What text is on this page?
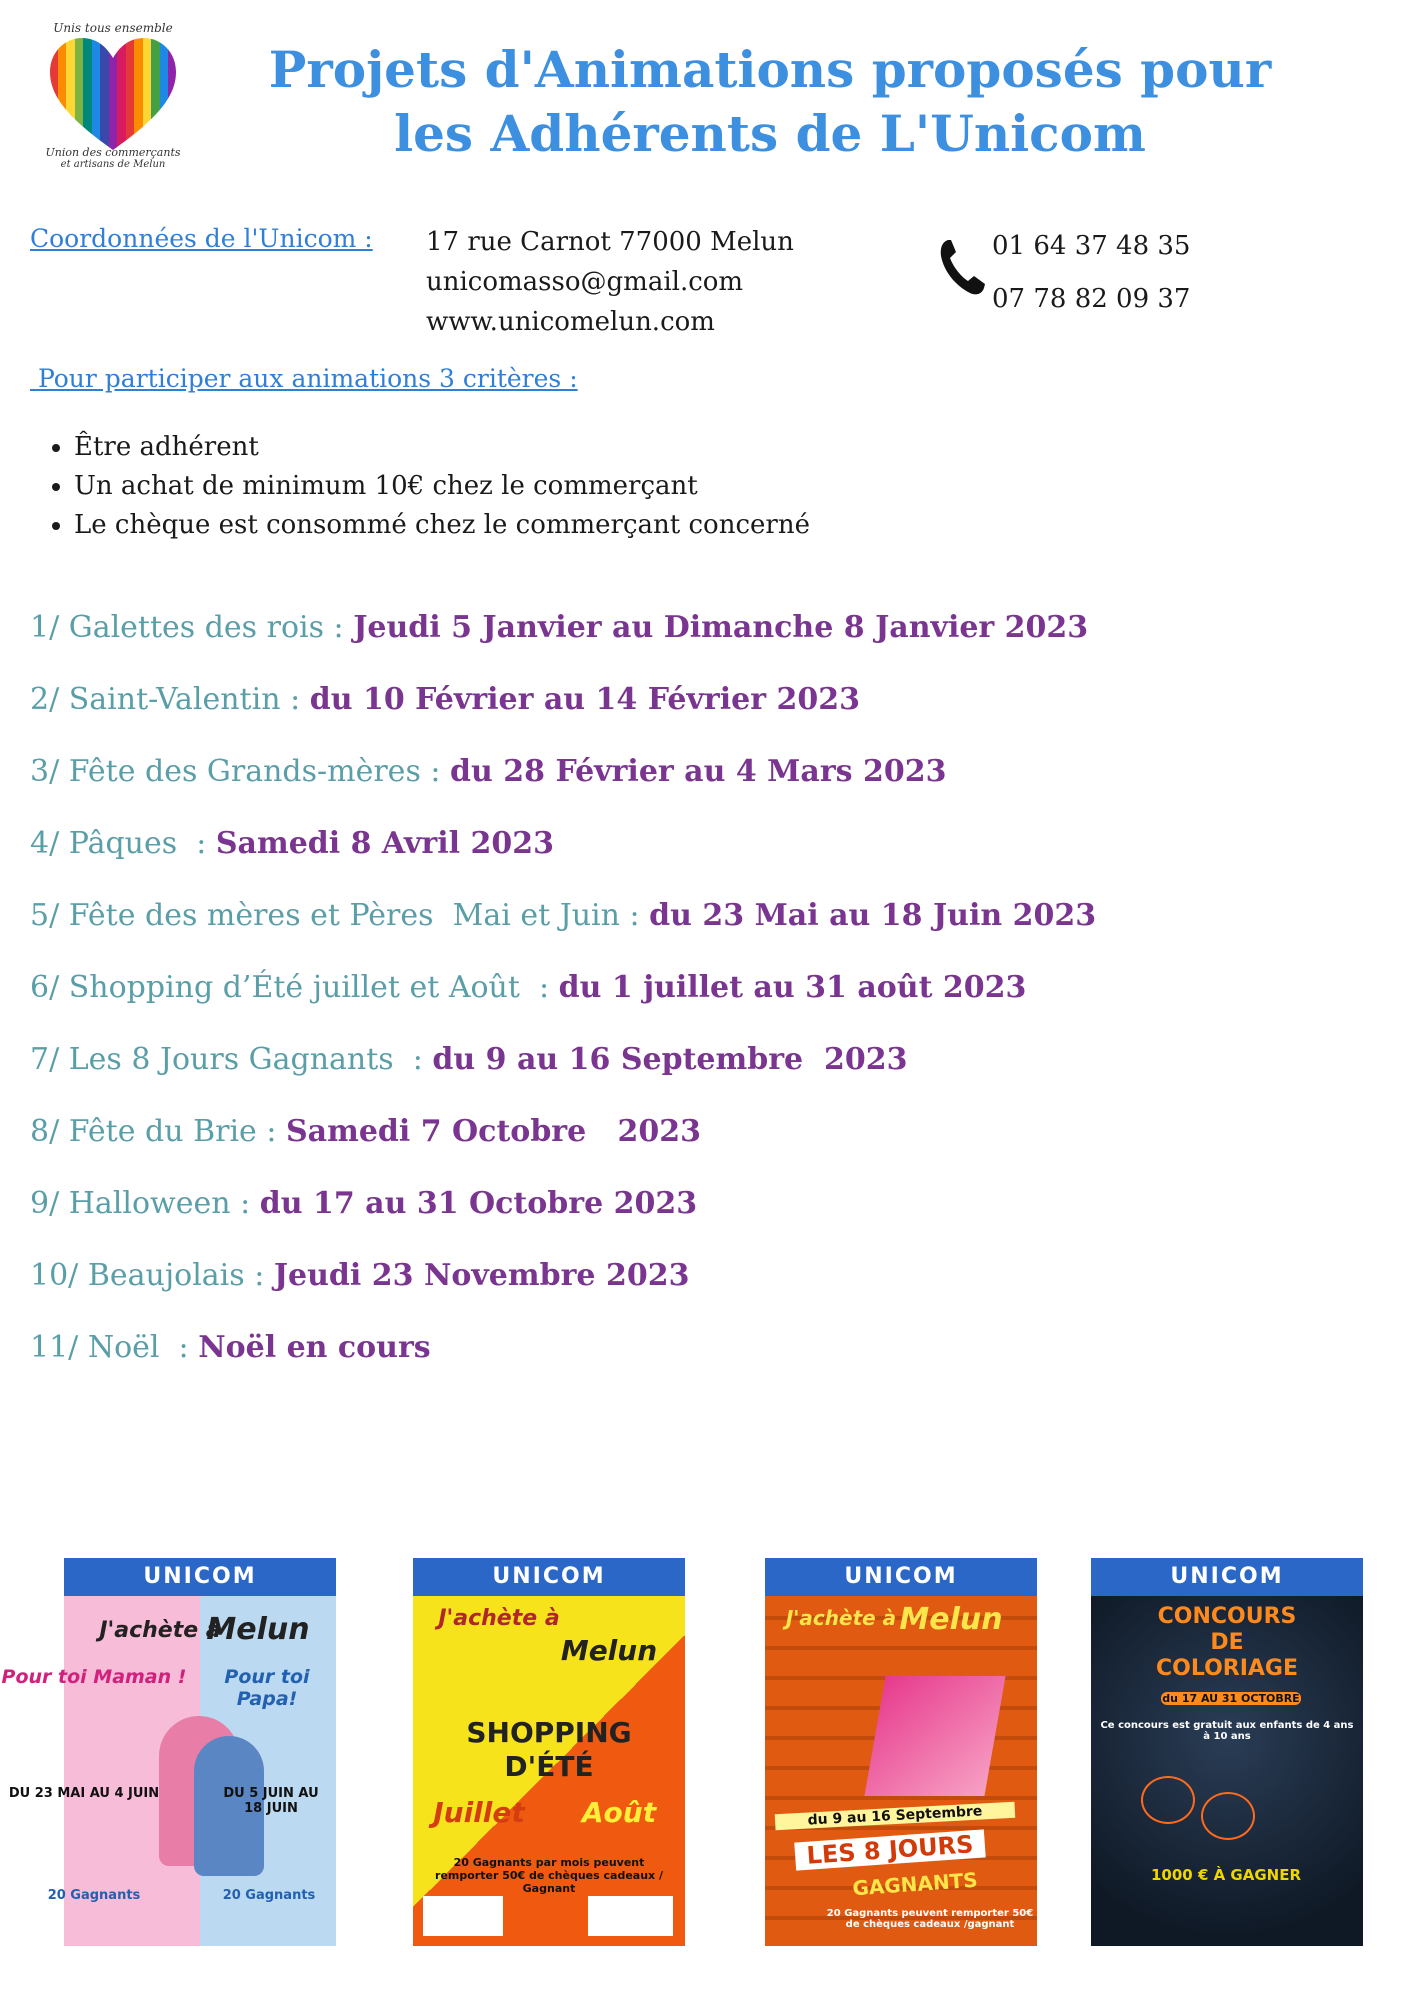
Unis tous ensemble
Union des commerçants
et artisans de Melun
Projets d'Animations proposés pour
les Adhérents de L'Unicom
Coordonnées de l'Unicom : 17 rue Carnot 77000 Melun
unicomasso@gmail.com
www.unicomelun.com
01 64 37 48 35
07 78 82 09 37
Pour participer aux animations 3 critères :
• Être adhérent
• Un achat de minimum 10€ chez le commerçant
• Le chèque est consommé chez le commerçant concerné
1/ Galettes des rois : Jeudi 5 Janvier au Dimanche 8 Janvier 2023
2/ Saint-Valentin : du 10 Février au 14 Février 2023
3/ Fête des Grands-mères : du 28 Février au 4 Mars 2023
4/ Pâques  : Samedi 8 Avril 2023
5/ Fête des mères et Pères  Mai et Juin : du 23 Mai au 18 Juin 2023
6/ Shopping d’Été juillet et Août  : du 1 juillet au 31 août 2023
7/ Les 8 Jours Gagnants  : du 9 au 16 Septembre  2023
8/ Fête du Brie : Samedi 7 Octobre   2023
9/ Halloween : du 17 au 31 Octobre 2023
10/ Beaujolais : Jeudi 23 Novembre 2023
11/ Noël  : Noël en cours
UNICOM
J'achète à
Melun
Pour toi Maman !	Pour toi Papa!
DU 23 MAI AU 4 JUIN	DU 5 JUIN AU 18 JUIN
20 Gagnants	20 Gagnants
UNICOM
J'achète à
Melun
SHOPPING D'ÉTÉ
Juillet	Août
20 Gagnants par mois peuvent remporter 50€ de chèques cadeaux / Gagnant
UNICOM
J'achète à Melun
du 9 au 16 Septembre
LES 8 JOURS
GAGNANTS
20 Gagnants peuvent remporter 50€ de chèques cadeaux /gagnant
UNICOM
CONCOURS DE COLORIAGE
du 17 AU 31 OCTOBRE
Ce concours est gratuit aux enfants de 4 ans à 10 ans
1000 € À GAGNER
